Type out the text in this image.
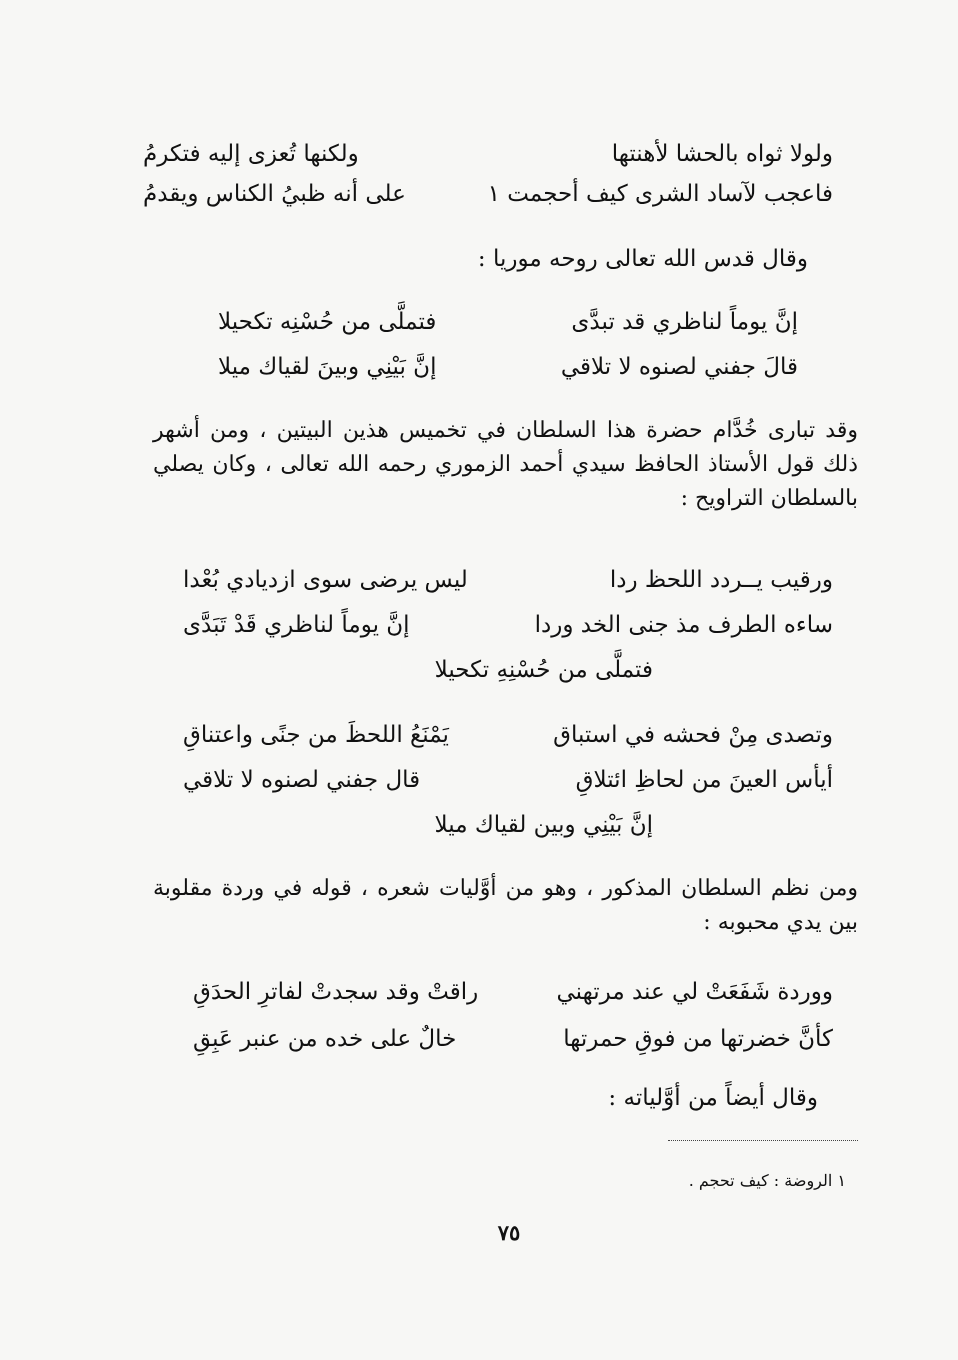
ولولا ثواه بالحشا لأهنتها
ولكنها تُعزى إليه فتكرمُ
فاعجب لآساد الشرى كيف أحجمت ١
على أنه ظبيُ الكناس ويقدمُ
وقال قدس الله تعالى روحه موريا :
إنَّ يوماً لناظري قد تبدَّى
فتملَّى من حُسْنِه تكحيلا
قالَ جفني لصنوه لا تلاقي
إنَّ بَيْنِي وبينَ لقياك ميلا
وقد تبارى خُدَّام حضرة هذا السلطان في تخميس هذين البيتين ، ومن أشهر ذلك قول الأستاذ الحافظ سيدي أحمد الزموري رحمه الله تعالى ، وكان يصلي بالسلطان التراويح :
ورقيب يــردد اللحظ ردا
ليس يرضى سوى ازديادي بُعْدا
ساءه الطرف مذ جنى الخد وردا
إنَّ يوماً لناظري قَدْ تَبَدَّى
فتملَّى من حُسْنِهِ تكحيلا
وتصدى مِنْ فحشه في استباق
يَمْنَعُ اللحظَ من جنًى واعتناقِ
أيأس العينَ من لحاظِ ائتلاقِ
قال جفني لصنوه لا تلاقي
إنَّ بَيْنِي وبين لقياك ميلا
ومن نظم السلطان المذكور ، وهو من أوَّليات شعره ، قوله في وردة مقلوبة بين يدي محبوبه :
ووردة شَفَعَتْ لي عند مرتهني
راقتْ وقد سجدتْ لفاترِ الحدَقِ
كأنَّ خضرتها من فوقِ حمرتها
خالٌ على خده من عنبر عَبِقِ
وقال أيضاً من أوَّلياته :
١ الروضة : كيف تحجم .
٧٥
